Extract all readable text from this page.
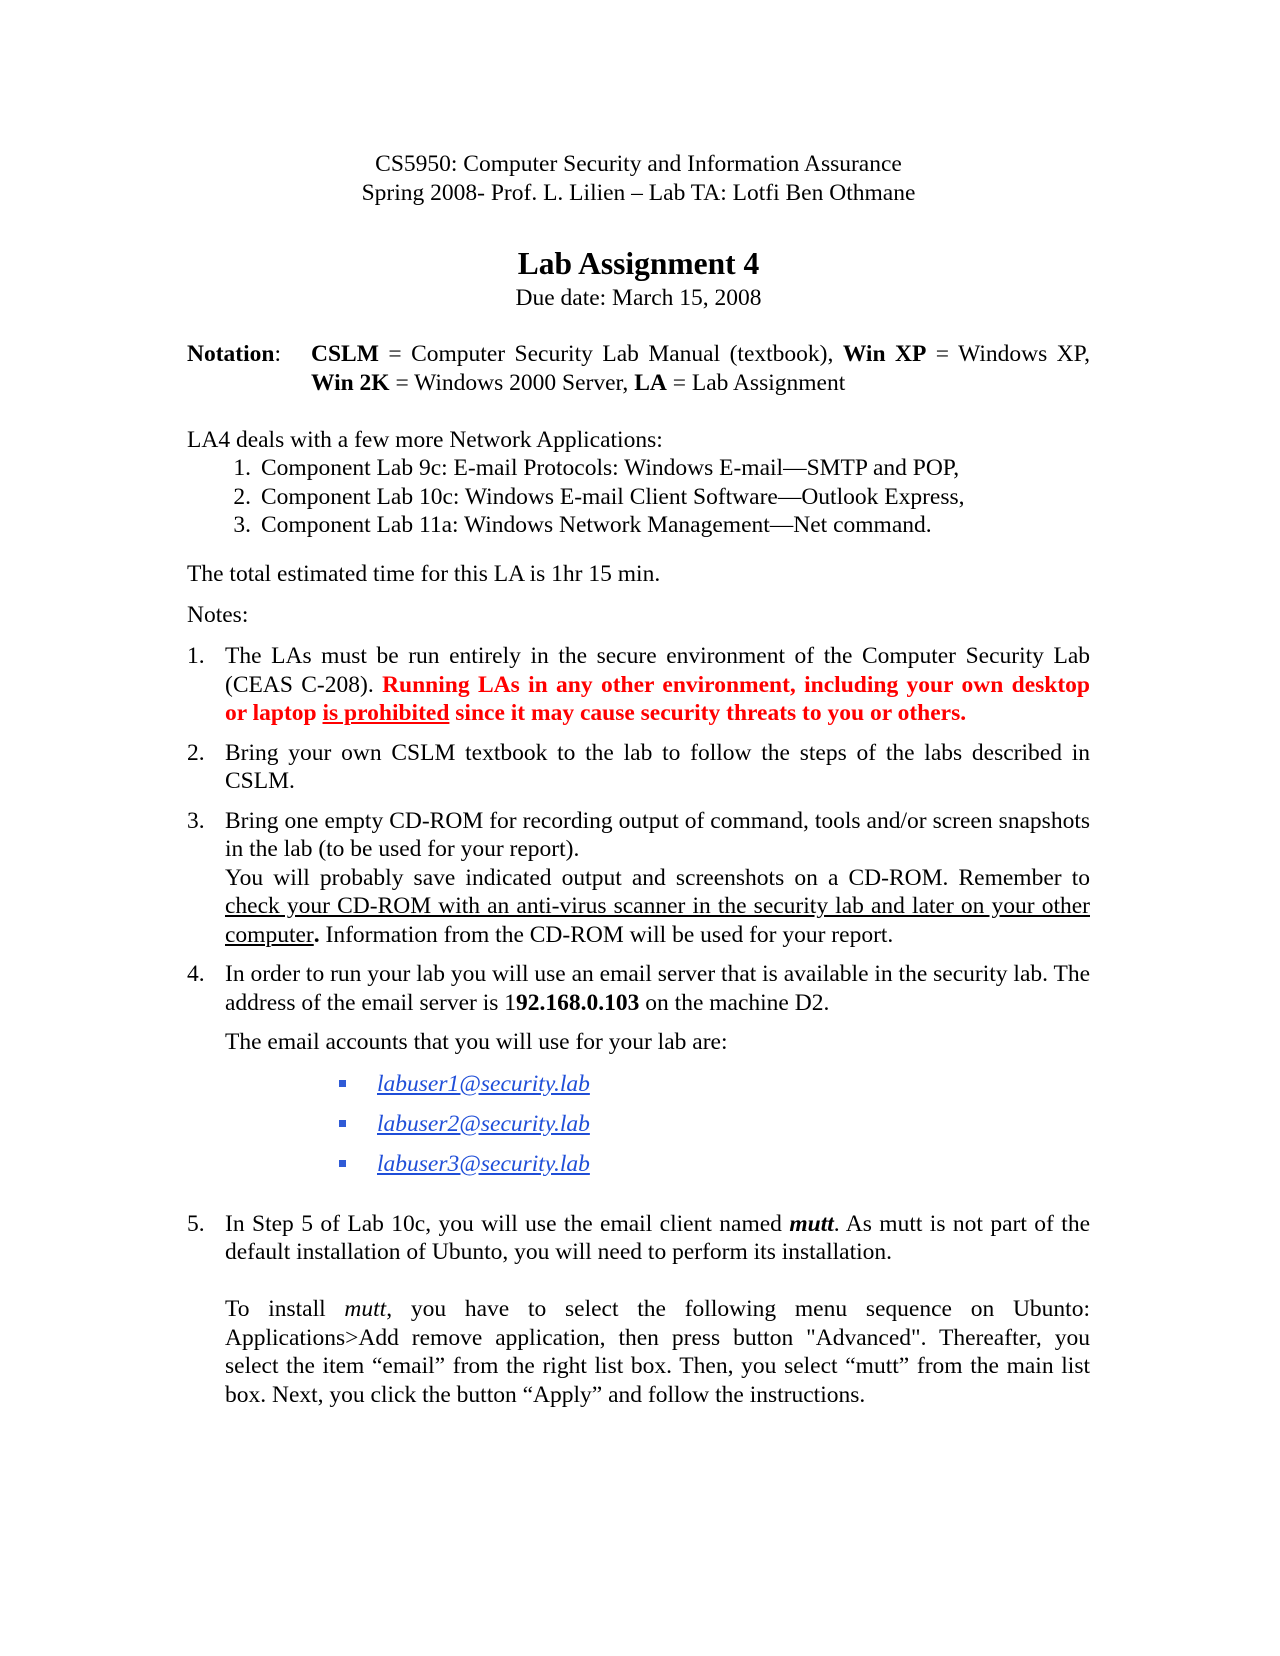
CS5950: Computer Security and Information Assurance
Spring 2008- Prof. L. Lilien – Lab TA: Lotfi Ben Othmane
Lab Assignment 4
Due date: March 15, 2008
Notation: CSLM = Computer Security Lab Manual (textbook), Win XP = Windows XP, Win 2K = Windows 2000 Server, LA = Lab Assignment
LA4 deals with a few more Network Applications:
1. Component Lab 9c: E-mail Protocols: Windows E-mail—SMTP and POP,
2. Component Lab 10c: Windows E-mail Client Software—Outlook Express,
3. Component Lab 11a: Windows Network Management—Net command.
The total estimated time for this LA is 1hr 15 min.
Notes:
1. The LAs must be run entirely in the secure environment of the Computer Security Lab (CEAS C-208). Running LAs in any other environment, including your own desktop or laptop is prohibited since it may cause security threats to you or others.
2. Bring your own CSLM textbook to the lab to follow the steps of the labs described in CSLM.
3. Bring one empty CD-ROM for recording output of command, tools and/or screen snapshots in the lab (to be used for your report).
You will probably save indicated output and screenshots on a CD-ROM. Remember to check your CD-ROM with an anti-virus scanner in the security lab and later on your other computer. Information from the CD-ROM will be used for your report.
4. In order to run your lab you will use an email server that is available in the security lab. The address of the email server is 192.168.0.103 on the machine D2.
The email accounts that you will use for your lab are:
labuser1@security.lab
labuser2@security.lab
labuser3@security.lab
5. In Step 5 of Lab 10c, you will use the email client named mutt. As mutt is not part of the default installation of Ubunto, you will need to perform its installation.
To install mutt, you have to select the following menu sequence on Ubunto: Applications>Add remove application, then press button "Advanced". Thereafter, you select the item “email” from the right list box. Then, you select “mutt” from the main list box. Next, you click the button “Apply” and follow the instructions.
